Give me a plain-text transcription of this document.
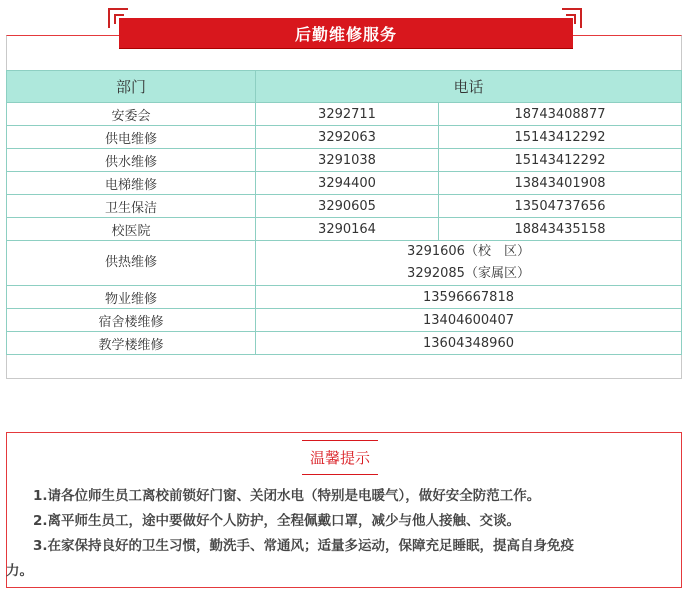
后勤维修服务
部门	电话	
安委会	3292711	18743408877
供电维修	3292063	15143412292
供水维修	3291038	15143412292
电梯维修	3294400	13843401908
卫生保洁	3290605	13504737656
校医院	3290164	18843435158
供热维修	3291606（校　区）
3292085（家属区）	

物业维修	13596667818	
宿舍楼维修	13404600407	
教学楼维修	13604348960	
温馨提示

1.请各位师生员工离校前锁好门窗、关闭水电（特别是电暖气），做好安全防范工作。

2.离平师生员工，途中要做好个人防护，全程佩戴口罩，减少与他人接触、交谈。

3.在家保持良好的卫生习惯，勤洗手、常通风；适量多运动，保障充足睡眠，提高自身免疫

力。
